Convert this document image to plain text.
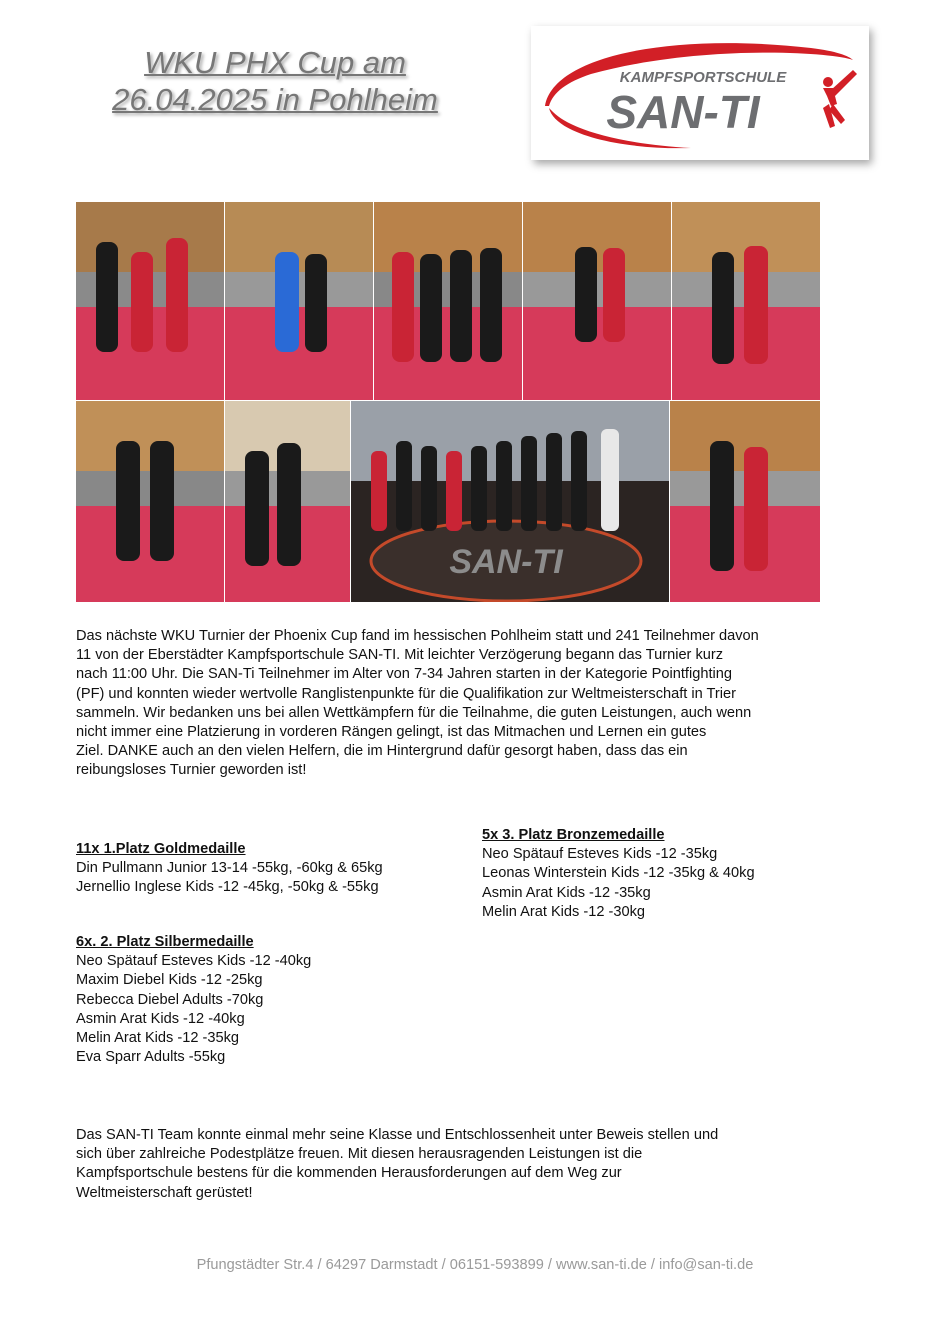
WKU PHX Cup am
26.04.2025 in Pohlheim
KAMPFSPORTSCHULE
SAN-TI
SAN-TI
Das nächste WKU Turnier der Phoenix Cup fand im hessischen Pohlheim statt und 241 Teilnehmer davon
11 von der Eberstädter Kampfsportschule SAN-TI. Mit leichter Verzögerung begann das Turnier kurz
nach 11:00 Uhr. Die SAN-Ti Teilnehmer im Alter von 7-34 Jahren starten in der Kategorie Pointfighting
(PF) und konnten wieder wertvolle Ranglistenpunkte für die Qualifikation zur Weltmeisterschaft in Trier
sammeln. Wir bedanken uns bei allen Wettkämpfern für die Teilnahme, die guten Leistungen, auch wenn
nicht immer eine Platzierung in vorderen Rängen gelingt, ist das Mitmachen und Lernen ein gutes
Ziel. DANKE auch an den vielen Helfern, die im Hintergrund dafür gesorgt haben, dass das ein
reibungsloses Turnier geworden ist!
11x 1.Platz Goldmedaille
Din Pullmann Junior 13-14 -55kg, -60kg & 65kg
Jernellio Inglese Kids -12 -45kg, -50kg & -55kg
5x 3. Platz Bronzemedaille
Neo Spätauf Esteves Kids -12 -35kg
Leonas Winterstein Kids -12 -35kg & 40kg
Asmin Arat Kids -12 -35kg
Melin Arat Kids -12 -30kg
6x. 2. Platz Silbermedaille
Neo Spätauf Esteves Kids -12 -40kg
Maxim Diebel Kids -12 -25kg
Rebecca Diebel Adults -70kg
Asmin Arat Kids -12 -40kg
Melin Arat Kids -12 -35kg
Eva Sparr Adults -55kg
Das SAN-TI Team konnte einmal mehr seine Klasse und Entschlossenheit unter Beweis stellen und
sich über zahlreiche Podestplätze freuen. Mit diesen herausragenden Leistungen ist die
Kampfsportschule bestens für die kommenden Herausforderungen auf dem Weg zur
Weltmeisterschaft gerüstet!
Pfungstädter Str.4 / 64297 Darmstadt / 06151-593899 / www.san-ti.de / info@san-ti.de
